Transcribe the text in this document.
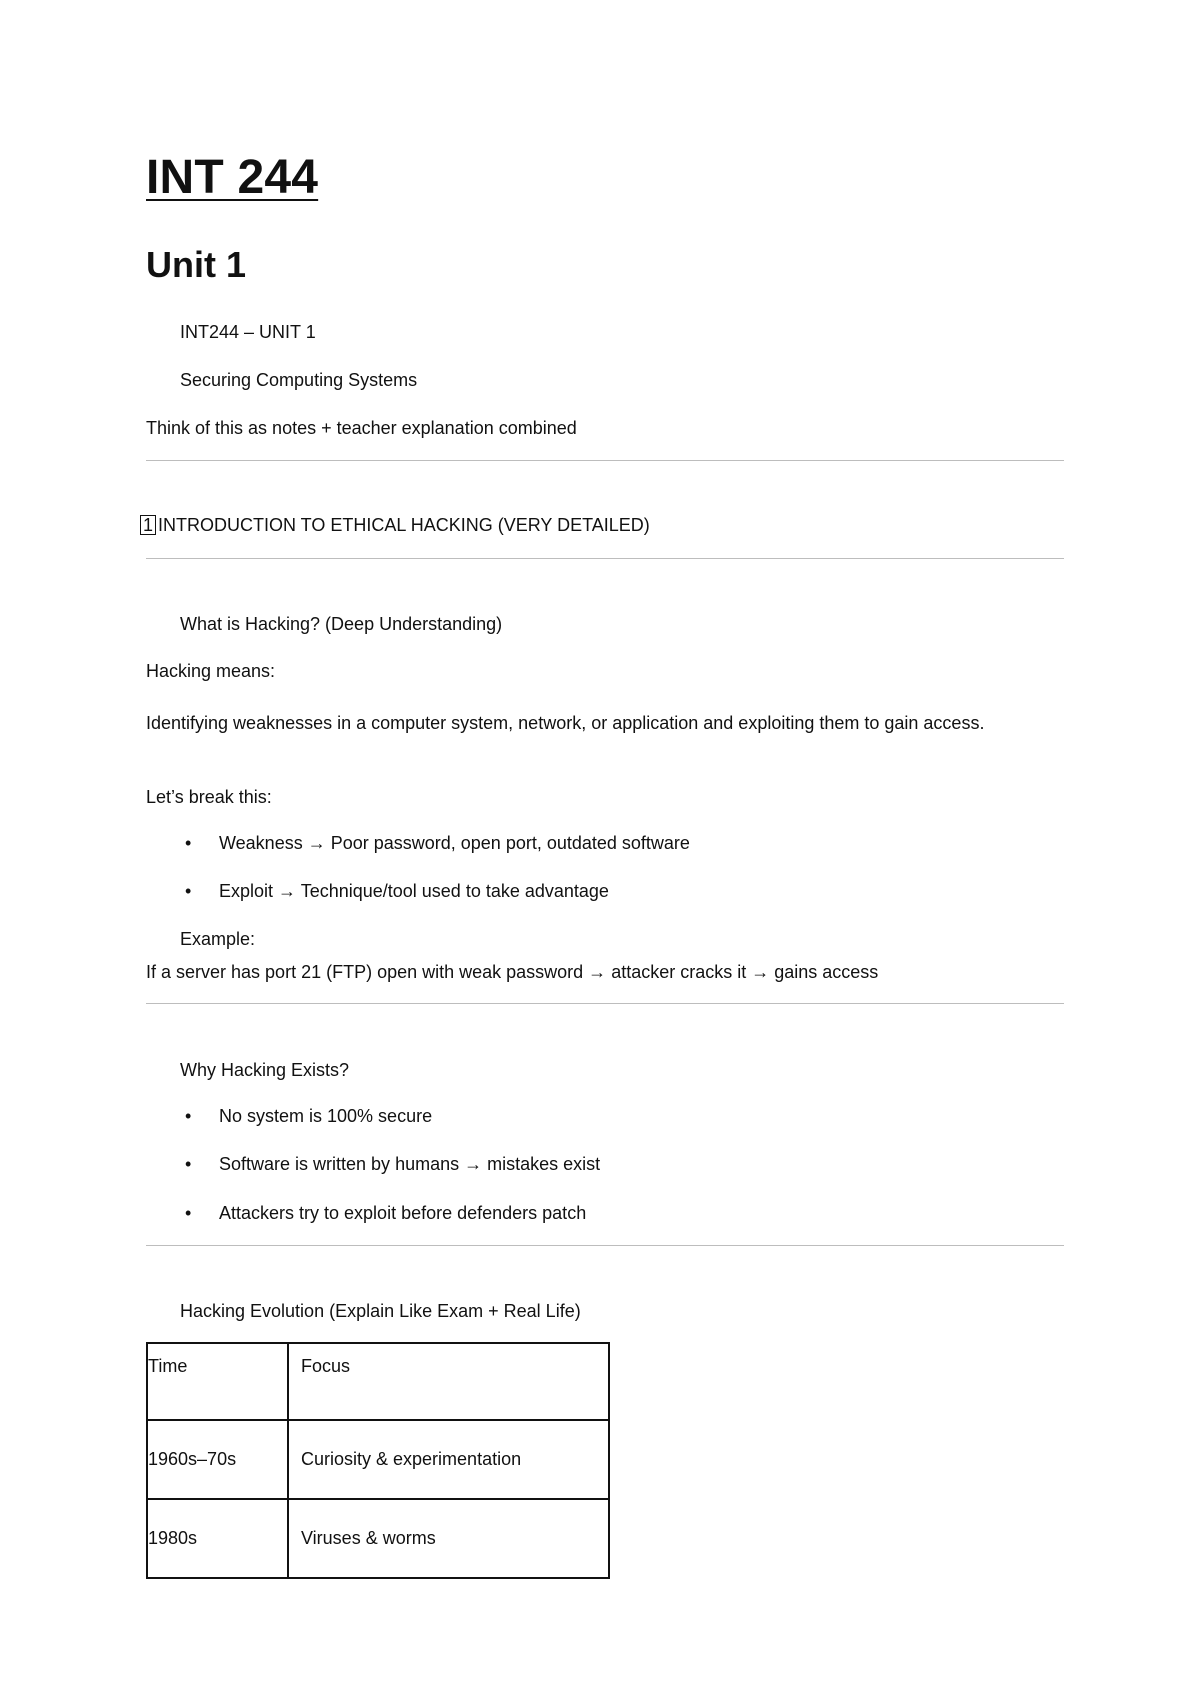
INT 244
Unit 1
INT244 – UNIT 1
Securing Computing Systems
Think of this as notes + teacher explanation combined
1 INTRODUCTION TO ETHICAL HACKING (VERY DETAILED)
What is Hacking? (Deep Understanding)
Hacking means:
Identifying weaknesses in a computer system, network, or application and exploiting them to gain access.
Let’s break this:
• Weakness → Poor password, open port, outdated software
• Exploit → Technique/tool used to take advantage
Example:
If a server has port 21 (FTP) open with weak password → attacker cracks it → gains access
Why Hacking Exists?
• No system is 100% secure
• Software is written by humans → mistakes exist
• Attackers try to exploit before defenders patch
Hacking Evolution (Explain Like Exam + Real Life)
Time	Focus
1960s–70s	Curiosity & experimentation
1980s	Viruses & worms
